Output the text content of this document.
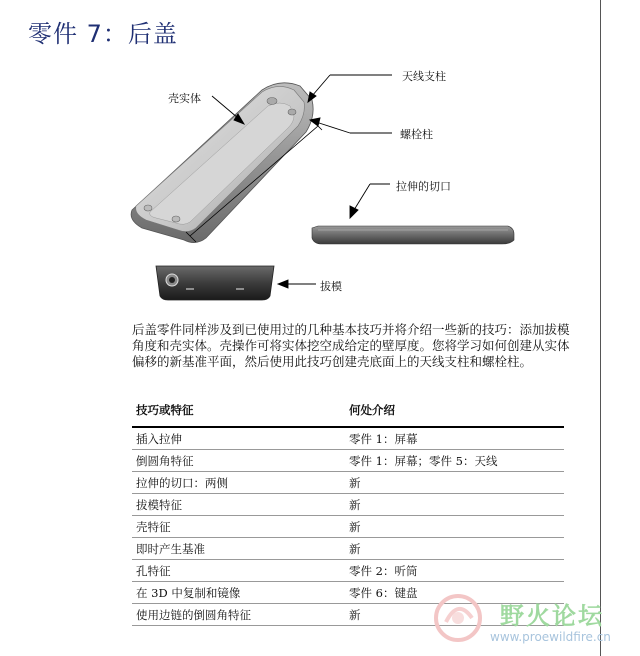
零件 7：后盖
天线支柱
壳实体
螺栓柱
拉伸的切口
拔模
后盖零件同样涉及到已使用过的几种基本技巧并将介绍一些新的技巧：添加拔模角度和壳实体。壳操作可将实体挖空成给定的壁厚度。您将学习如何创建从实体偏移的新基准平面，然后使用此技巧创建壳底面上的天线支柱和螺栓柱。
技巧或特征	何处介绍
插入拉伸	零件 1：屏幕
倒圆角特征	零件 1：屏幕；零件 5：天线
拉伸的切口：两侧	新
拔模特征	新
壳特征	新
即时产生基准	新
孔特征	零件 2：听筒
在 3D 中复制和镜像	零件 6：键盘
使用边链的倒圆角特征	新	野火论坛
www.proewildfire.cn
